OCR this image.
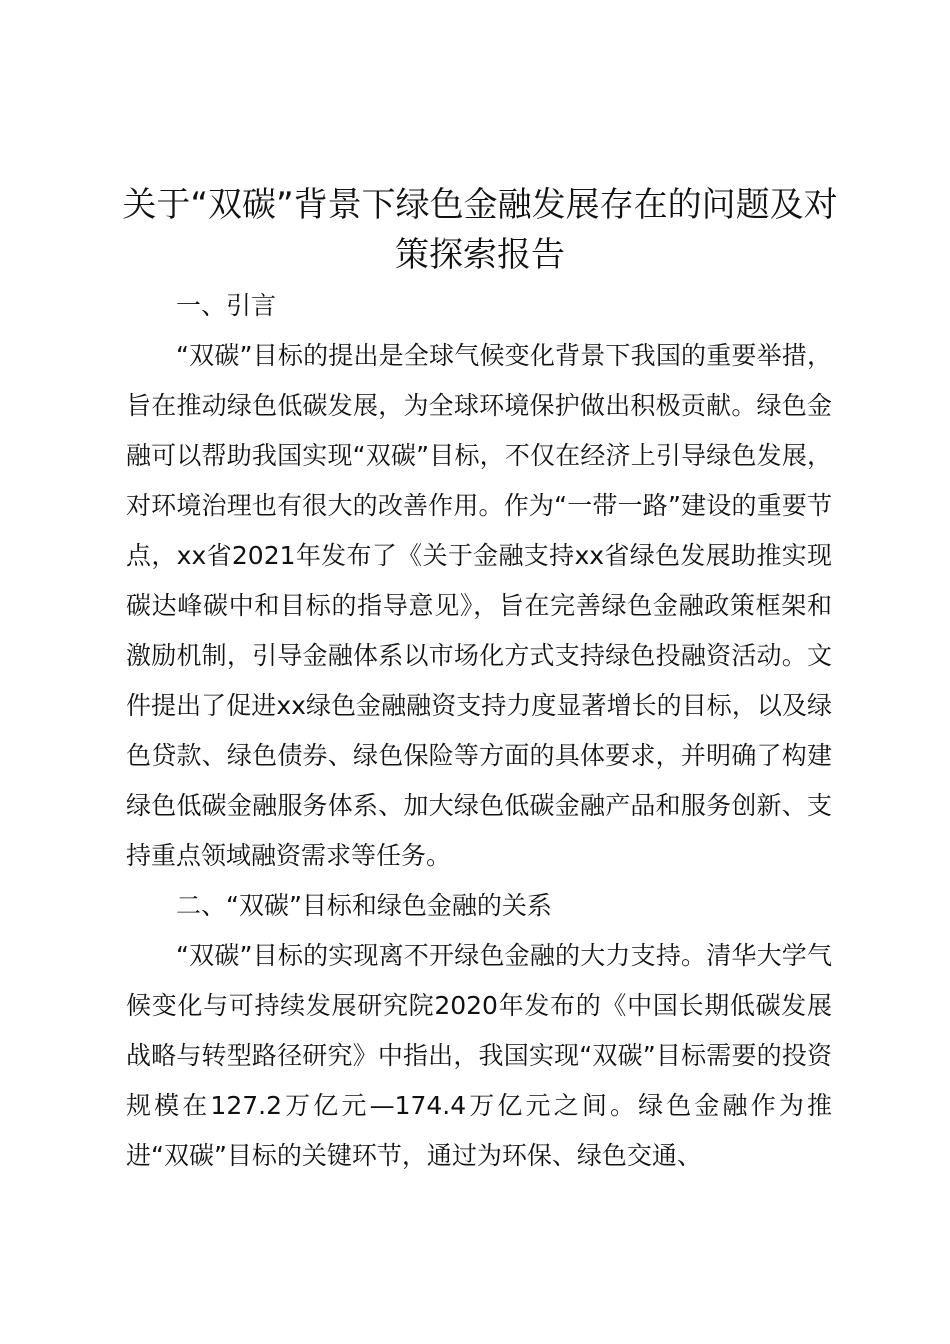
关于“双碳”背景下绿色金融发展存在的问题及对策探索报告

一、引言

“双碳”目标的提出是全球气候变化背景下我国的重要举措，旨在推动绿色低碳发展，为全球环境保护做出积极贡献。绿色金融可以帮助我国实现“双碳”目标，不仅在经济上引导绿色发展，对环境治理也有很大的改善作用。作为“一带一路”建设的重要节点，xx省2021年发布了《关于金融支持xx省绿色发展助推实现碳达峰碳中和目标的指导意见》，旨在完善绿色金融政策框架和激励机制，引导金融体系以市场化方式支持绿色投融资活动。文件提出了促进xx绿色金融融资支持力度显著增长的目标，以及绿色贷款、绿色债券、绿色保险等方面的具体要求，并明确了构建绿色低碳金融服务体系、加大绿色低碳金融产品和服务创新、支持重点领域融资需求等任务。

二、“双碳”目标和绿色金融的关系

“双碳”目标的实现离不开绿色金融的大力支持。清华大学气候变化与可持续发展研究院2020年发布的《中国长期低碳发展战略与转型路径研究》中指出，我国实现“双碳”目标需要的投资规模在127.2万亿元—174.4万亿元之间。绿色金融作为推进“双碳”目标的关键环节，通过为环保、绿色交通、
